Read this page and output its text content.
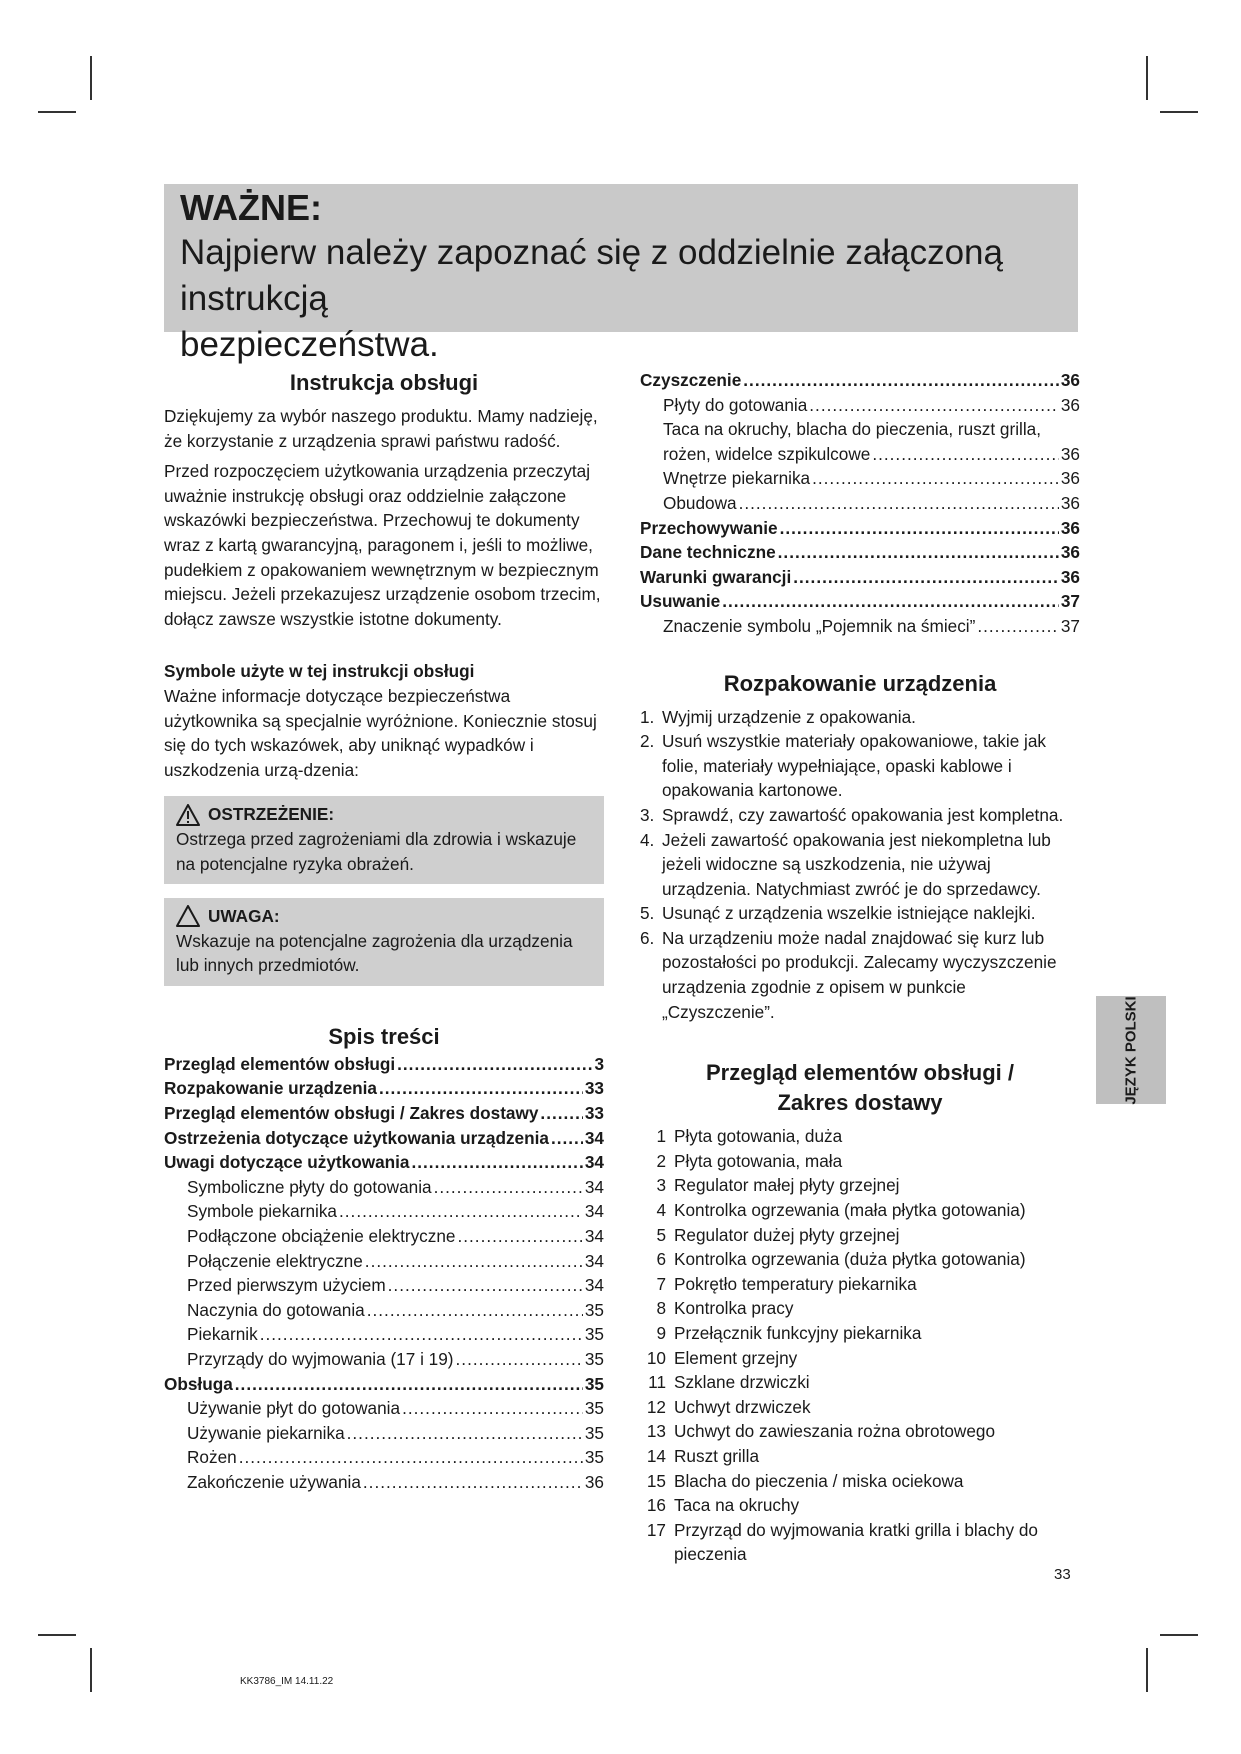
WAŻNE:
Najpierw należy zapoznać się z oddzielnie załączoną instrukcją
bezpieczeństwa.
Instrukcja obsługi

Dziękujemy za wybór naszego produktu. Mamy nadzieję, że korzystanie z urządzenia sprawi państwu radość.

Przed rozpoczęciem użytkowania urządzenia przeczytaj uważnie instrukcję obsługi oraz oddzielnie załączone wskazówki bezpieczeństwa. Przechowuj te dokumenty wraz z kartą gwarancyjną, paragonem i, jeśli to możliwe, pudełkiem z opakowaniem wewnętrznym w bezpiecznym miejscu. Jeżeli przekazujesz urządzenie osobom trzecim, dołącz zawsze wszystkie istotne dokumenty.

Symbole użyte w tej instrukcji obsługi

Ważne informacje dotyczące bezpieczeństwa użytkownika są specjalnie wyróżnione. Koniecznie stosuj się do tych wskazówek, aby uniknąć wypadków i uszkodzenia urzą-dzenia:

OSTRZEŻENIE:
Ostrzega przed zagrożeniami dla zdrowia i wskazuje na potencjalne ryzyka obrażeń.
UWAGA:
Wskazuje na potencjalne zagrożenia dla urządzenia lub innych przedmiotów.
Spis treści
Przegląd elementów obsługi .....	3
Rozpakowanie urządzenia .....	33
Przegląd elementów obsługi / Zakres dostawy .....	33
Ostrzeżenia dotyczące użytkowania urządzenia ..... 34
Uwagi dotyczące użytkowania .....	34
Symboliczne płyty do gotowania .....	34
Symbole piekarnika .....	34
Podłączone obciążenie elektryczne .....	34
Połączenie elektryczne .....	34
Przed pierwszym użyciem .....	34
Naczynia do gotowania .....	35
Piekarnik .....	35
Przyrządy do wyjmowania (17 i 19) .....	35
Obsługa .....	35
Używanie płyt do gotowania .....	35
Używanie piekarnika .....	35
Rożen .....	35
Zakończenie używania .....	36
Czyszczenie .....	36
Płyty do gotowania .....	36
Taca na okruchy, blacha do pieczenia, ruszt grilla,
rożen, widelce szpikulcowe .....	36
Wnętrze piekarnika .....	36
Obudowa .....	36
Przechowywanie .....	36
Dane techniczne .....	36
Warunki gwarancji .....	36
Usuwanie .....	37
Znaczenie symbolu „Pojemnik na śmieci” .....	37
Rozpakowanie urządzenia
1. Wyjmij urządzenie z opakowania.
2. Usuń wszystkie materiały opakowaniowe, takie jak folie, materiały wypełniające, opaski kablowe i opakowania kartonowe.
3. Sprawdź, czy zawartość opakowania jest kompletna.
4. Jeżeli zawartość opakowania jest niekompletna lub jeżeli widoczne są uszkodzenia, nie używaj urządzenia. Natychmiast zwróć je do sprzedawcy.
5. Usunąć z urządzenia wszelkie istniejące naklejki.
6. Na urządzeniu może nadal znajdować się kurz lub pozostałości po produkcji. Zalecamy wyczyszczenie urządzenia zgodnie z opisem w punkcie „Czyszczenie”.
Przegląd elementów obsługi /
Zakres dostawy
1 Płyta gotowania, duża
2 Płyta gotowania, mała
3 Regulator małej płyty grzejnej
4 Kontrolka ogrzewania (mała płytka gotowania)
5 Regulator dużej płyty grzejnej
6 Kontrolka ogrzewania (duża płytka gotowania)
7 Pokrętło temperatury piekarnika
8 Kontrolka pracy
9 Przełącznik funkcyjny piekarnika
10 Element grzejny
11 Szklane drzwiczki
12 Uchwyt drzwiczek
13 Uchwyt do zawieszania rożna obrotowego
14 Ruszt grilla
15 Blacha do pieczenia / miska ociekowa
16 Taca na okruchy
17 Przyrząd do wyjmowania kratki grilla i blachy do pieczenia
JĘZYK POLSKI
33
KK3786_IM 14.11.22
